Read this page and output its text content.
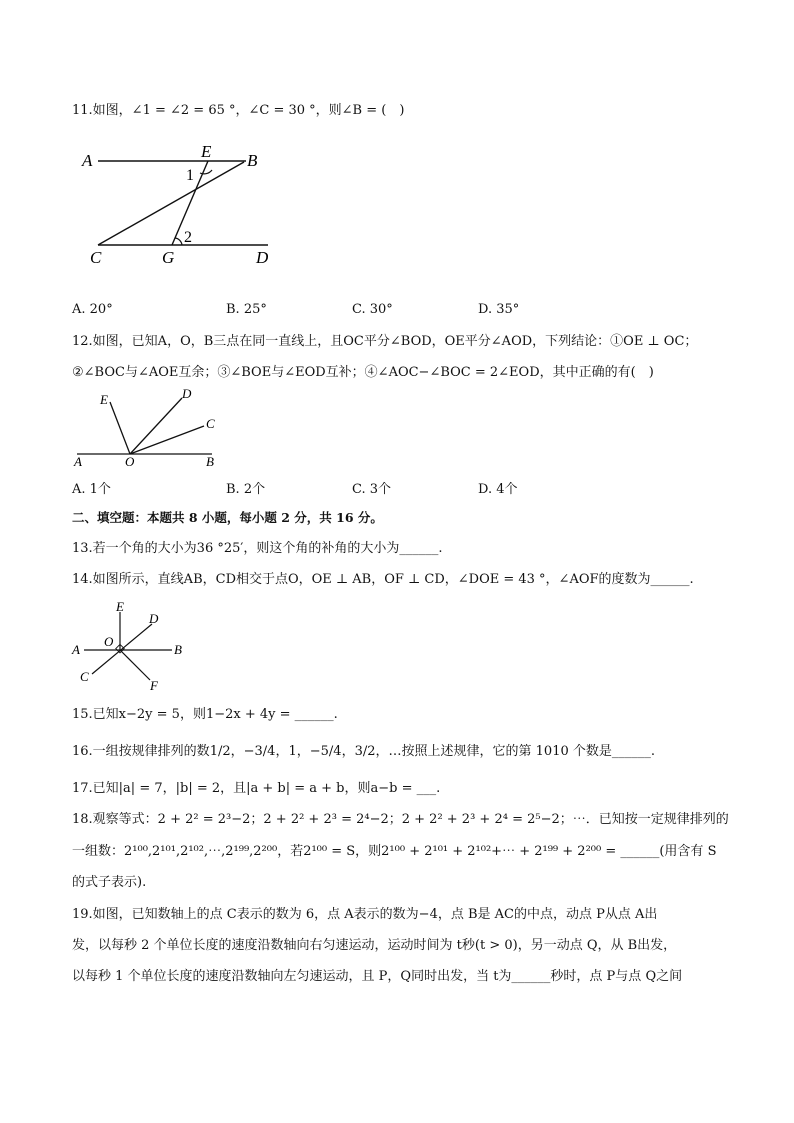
11.如图，∠1 = ∠2 = 65 °，∠C = 30 °，则∠B = (　)
A	E B
1
2
C	G	D
A. 20°	B. 25°	C. 30°	D. 35°
12.如图，已知A，O，B三点在同一直线上，且OC平分∠BOD，OE平分∠AOD，下列结论：①OE ⊥ OC；
②∠BOC与∠AOE互余；③∠BOE与∠EOD互补；④∠AOC−∠BOC = 2∠EOD，其中正确的有(　)
E	D
C
A	O	B
A. 1个	B. 2个	C. 3个	D. 4个
二、填空题：本题共 8 小题，每小题 2 分，共 16 分。
13.若一个角的大小为36 °25′，则这个角的补角的大小为______.
14.如图所示，直线AB，CD相交于点O，OE ⊥ AB，OF ⊥ CD，∠DOE = 43 °，∠AOF的度数为______.
E
D
O
A	B
C
F
15.已知x−2y = 5，则1−2x + 4y = ______.
16.一组按规律排列的数1/2，−3/4，1，−5/4，3/2，…按照上述规律，它的第 1010 个数是______.
17.已知|a| = 7，|b| = 2，且|a + b| = a + b，则a−b = ___.
18.观察等式：2 + 2² = 2³−2；2 + 2² + 2³ = 2⁴−2；2 + 2² + 2³ + 2⁴ = 2⁵−2；⋯．已知按一定规律排列的
一组数：2¹⁰⁰,2¹⁰¹,2¹⁰²,⋯,2¹⁹⁹,2²⁰⁰，若2¹⁰⁰ = S，则2¹⁰⁰ + 2¹⁰¹ + 2¹⁰²+⋯ + 2¹⁹⁹ + 2²⁰⁰ = ______(用含有 S
的式子表示).
19.如图，已知数轴上的点 C表示的数为 6，点 A表示的数为−4，点 B是 AC的中点，动点 P从点 A出
发，以每秒 2 个单位长度的速度沿数轴向右匀速运动，运动时间为 t秒(t > 0)，另一动点 Q，从 B出发，
以每秒 1 个单位长度的速度沿数轴向左匀速运动，且 P，Q同时出发，当 t为______秒时，点 P与点 Q之间
